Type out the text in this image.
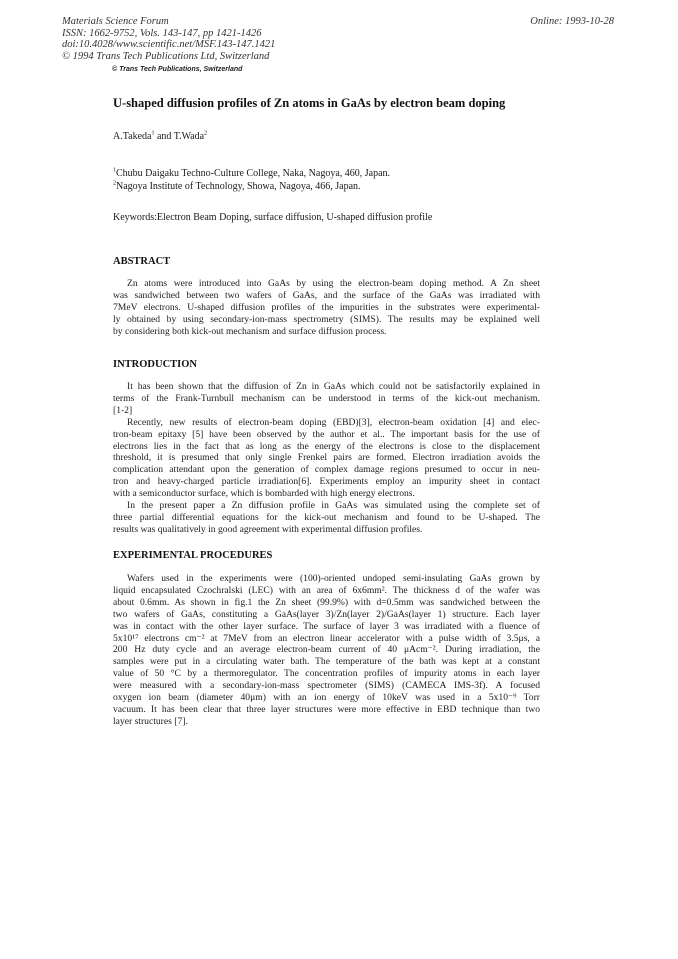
Materials Science Forum
ISSN: 1662-9752, Vols. 143-147, pp 1421-1426
doi:10.4028/www.scientific.net/MSF.143-147.1421
© 1994 Trans Tech Publications Ltd, Switzerland
Online: 1993-10-28
© Trans Tech Publications, Switzerland
U-shaped diffusion profiles of Zn atoms in GaAs by electron beam doping
A.Takeda$^1$ and T.Wada$^2$
$^1$Chubu Daigaku Techno-Culture College, Naka, Nagoya, 460, Japan.
$^2$Nagoya Institute of Technology, Showa, Nagoya, 466, Japan.
Keywords:Electron Beam Doping, surface diffusion, U-shaped diffusion profile
ABSTRACT
Zn atoms were introduced into GaAs by using the electron-beam doping method. A Zn sheet
was sandwiched between two wafers of GaAs, and the surface of the GaAs was irradiated with
7MeV electrons. U-shaped diffusion profiles of the impurities in the substrates were experimental-
ly obtained by using secondary-ion-mass spectrometry (SIMS). The results may be explained well
by considering both kick-out mechanism and surface diffusion process.
INTRODUCTION
It has been shown that the diffusion of Zn in GaAs which could not be satisfactorily explained in
terms of the Frank-Turnbull mechanism can be understood in terms of the kick-out mechanism.
[1-2]
Recently, new results of electron-beam doping (EBD)[3], electron-beam oxidation [4] and elec-
tron-beam epitaxy [5] have been observed by the author et al.. The important basis for the use of
electrons lies in the fact that as long as the energy of the electrons is close to the displacement
threshold, it is presumed that only single Frenkel pairs are formed. Electron irradiation avoids the
complication attendant upon the generation of complex damage regions presumed to occur in neu-
tron and heavy-charged particle irradiation[6]. Experiments employ an impurity sheet in contact
with a semiconductor surface, which is bombarded with high energy electrons.
In the present paper a Zn diffusion profile in GaAs was simulated using the complete set of
three partial differential equations for the kick-out mechanism and found to be U-shaped. The
results was qualitatively in good agreement with experimental diffusion profiles.
EXPERIMENTAL PROCEDURES
Wafers used in the experiments were (100)-oriented undoped semi-insulating GaAs grown by
liquid encapsulated Czochralski (LEC) with an area of 6x6mm². The thickness d of the wafer was
about 0.6mm. As shown in fig.1 the Zn sheet (99.9%) with d=0.5mm was sandwiched between the
two wafers of GaAs, constituting a GaAs(layer 3)/Zn(layer 2)/GaAs(layer 1) structure. Each layer
was in contact with the other layer surface. The surface of layer 3 was irradiated with a fluence of
5x10¹⁷ electrons cm⁻² at 7MeV from an electron linear accelerator with a pulse width of 3.5μs, a
200 Hz duty cycle and an average electron-beam current of 40 μAcm⁻². During irradiation, the
samples were put in a circulating water bath. The temperature of the bath was kept at a constant
value of 50 °C by a thermoregulator. The concentration profiles of impurity atoms in each layer
were measured with a secondary-ion-mass spectrometer (SIMS) (CAMECA IMS-3f). A focused
oxygen ion beam (diameter 40μm) with an ion energy of 10keV was used in a 5x10⁻⁹ Torr
vacuum. It has been clear that three layer structures were more effective in EBD technique than two
layer structures [7].
